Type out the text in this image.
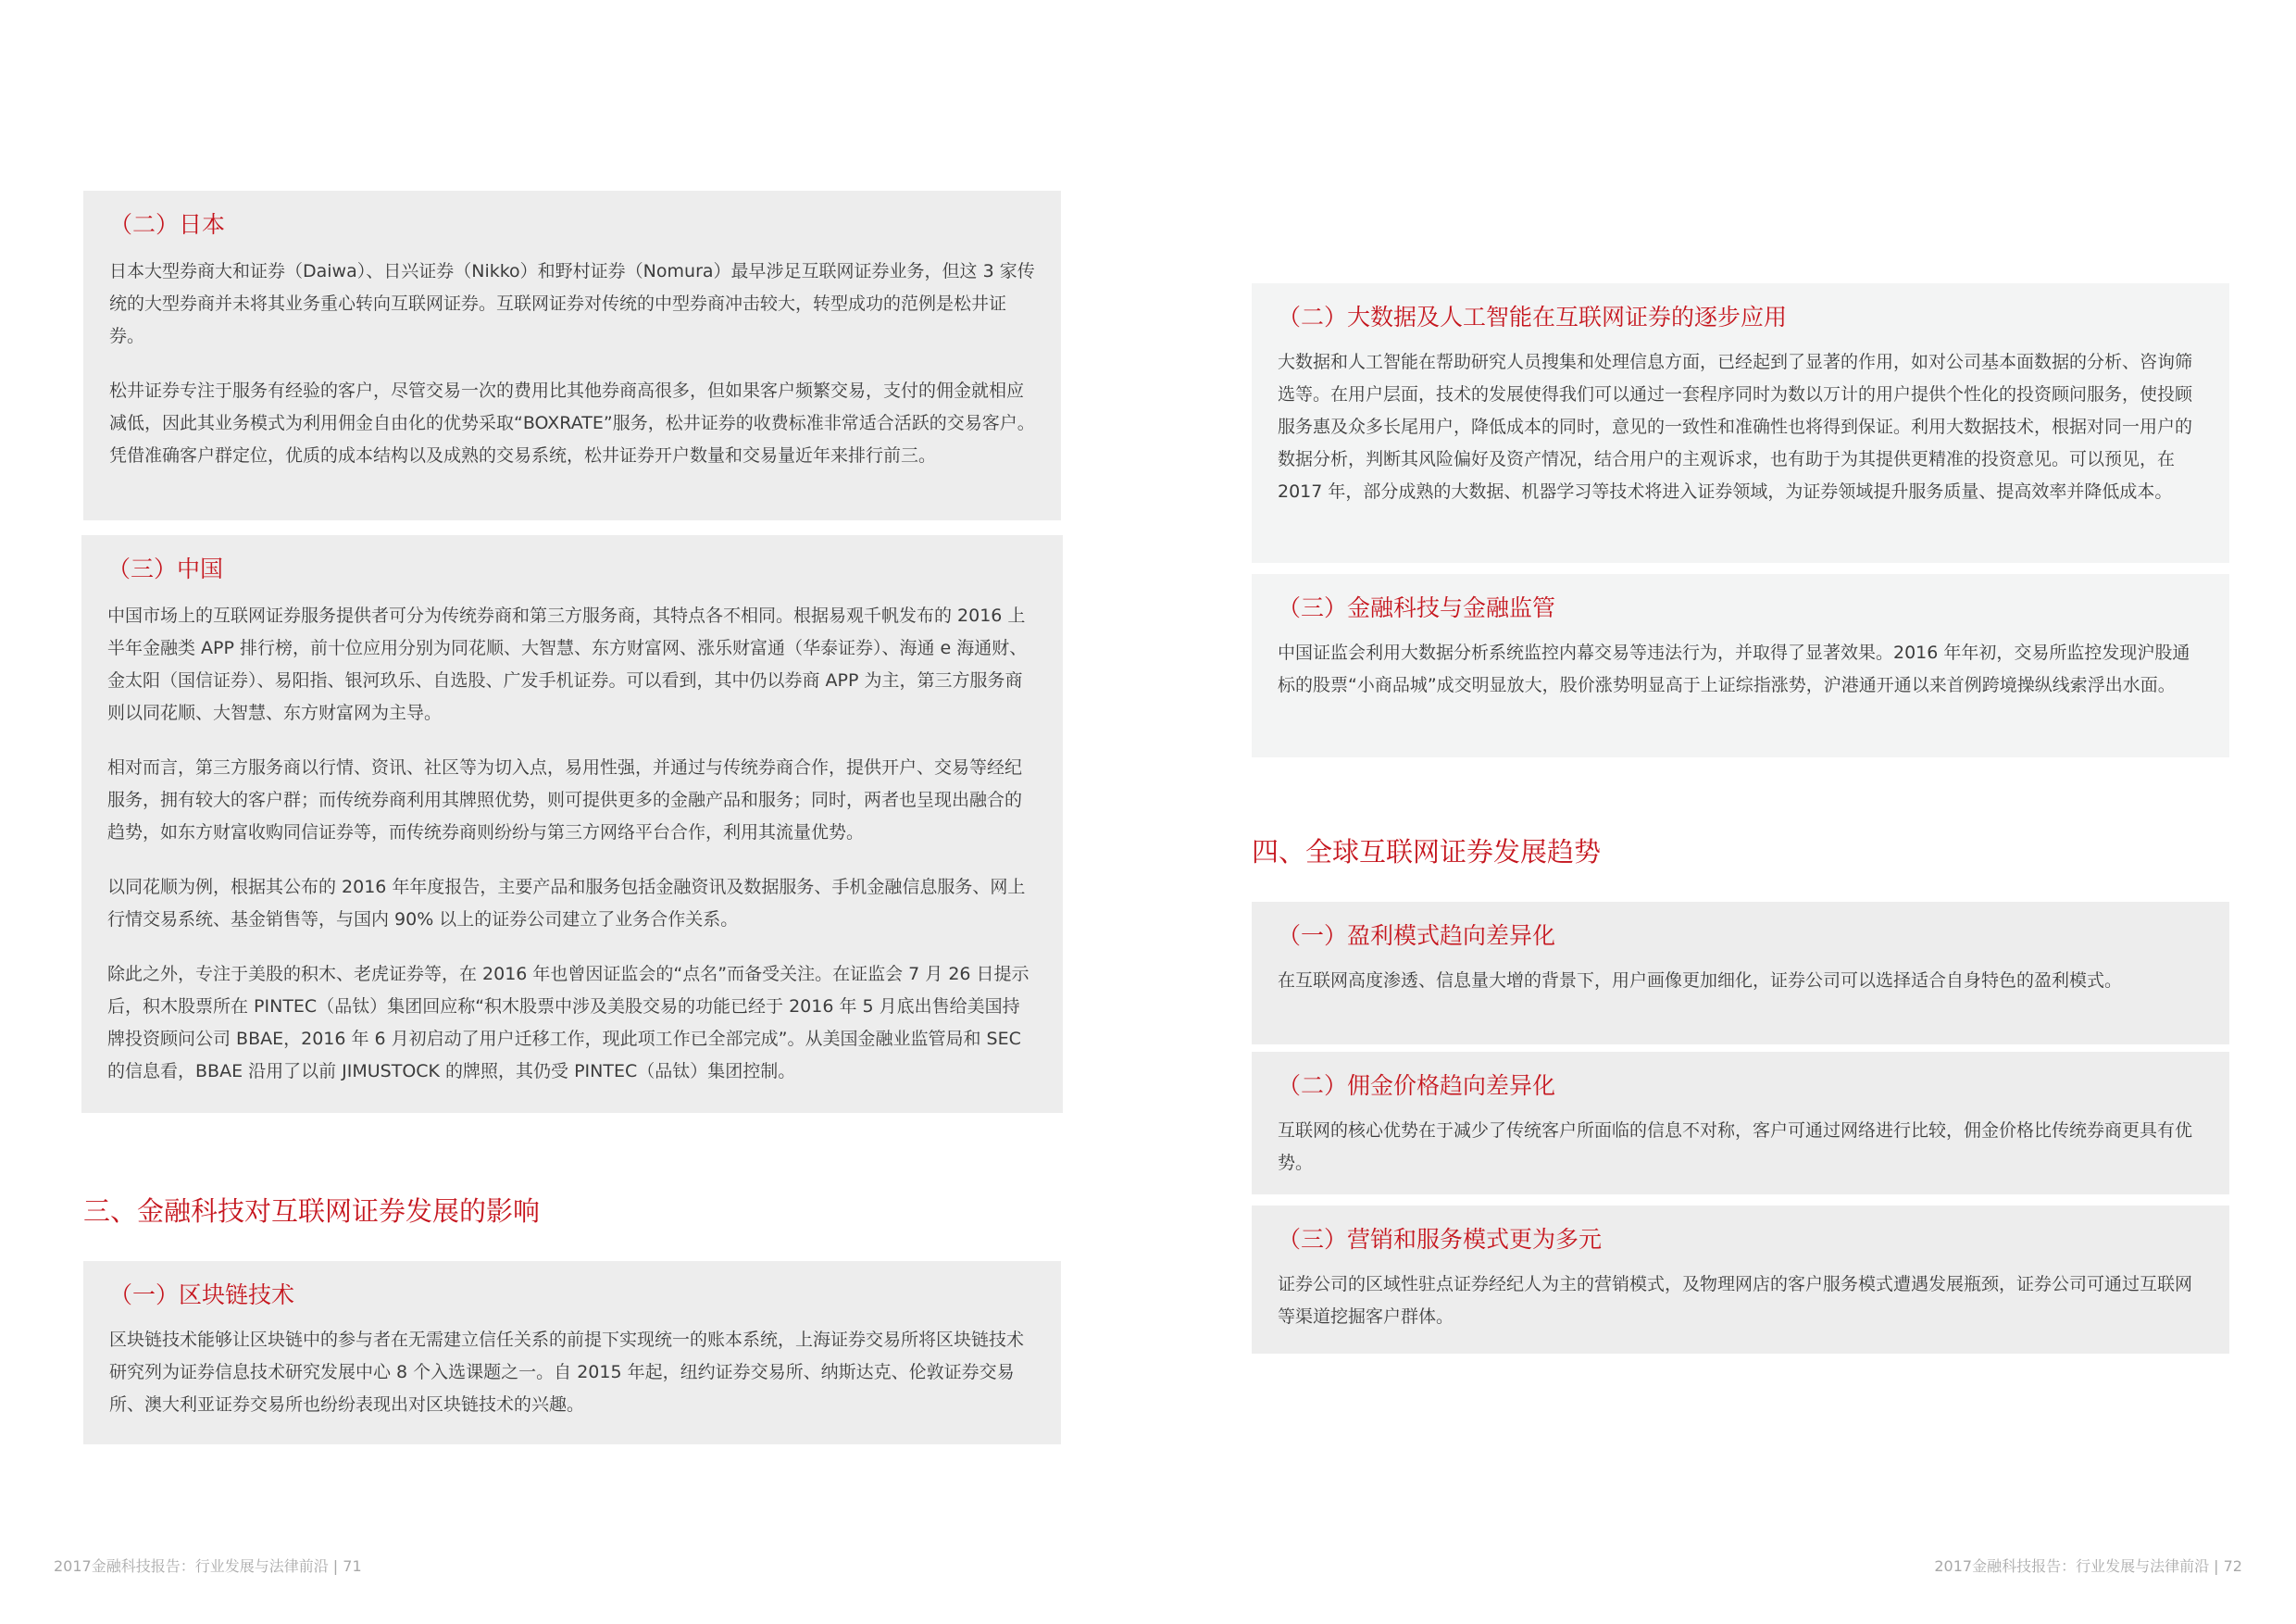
（二）日本

日本大型券商大和证券（Daiwa）、日兴证券（Nikko）和野村证券（Nomura）最早涉足互联网证券业务，但这 3 家传统的大型券商并未将其业务重心转向互联网证券。互联网证券对传统的中型券商冲击较大，转型成功的范例是松井证券。

松井证券专注于服务有经验的客户，尽管交易一次的费用比其他券商高很多，但如果客户频繁交易，支付的佣金就相应减低，因此其业务模式为利用佣金自由化的优势采取“BOXRATE”服务，松井证券的收费标准非常适合活跃的交易客户。凭借准确客户群定位，优质的成本结构以及成熟的交易系统，松井证券开户数量和交易量近年来排行前三。

（三）中国

中国市场上的互联网证券服务提供者可分为传统券商和第三方服务商，其特点各不相同。根据易观千帆发布的 2016 上半年金融类 APP 排行榜，前十位应用分别为同花顺、大智慧、东方财富网、涨乐财富通（华泰证券）、海通 e 海通财、金太阳（国信证券）、易阳指、银河玖乐、自选股、广发手机证券。可以看到，其中仍以券商 APP 为主，第三方服务商则以同花顺、大智慧、东方财富网为主导。

相对而言，第三方服务商以行情、资讯、社区等为切入点，易用性强，并通过与传统券商合作，提供开户、交易等经纪服务，拥有较大的客户群；而传统券商利用其牌照优势，则可提供更多的金融产品和服务；同时，两者也呈现出融合的趋势，如东方财富收购同信证券等，而传统券商则纷纷与第三方网络平台合作，利用其流量优势。

以同花顺为例，根据其公布的 2016 年年度报告，主要产品和服务包括金融资讯及数据服务、手机金融信息服务、网上行情交易系统、基金销售等，与国内 90% 以上的证券公司建立了业务合作关系。

除此之外，专注于美股的积木、老虎证券等，在 2016 年也曾因证监会的“点名”而备受关注。在证监会 7 月 26 日提示后，积木股票所在 PINTEC（品钛）集团回应称“积木股票中涉及美股交易的功能已经于 2016 年 5 月底出售给美国持牌投资顾问公司 BBAE，2016 年 6 月初启动了用户迁移工作，现此项工作已全部完成”。从美国金融业监管局和 SEC 的信息看，BBAE 沿用了以前 JIMUSTOCK 的牌照，其仍受 PINTEC（品钛）集团控制。

三、金融科技对互联网证券发展的影响
（一）区块链技术

区块链技术能够让区块链中的参与者在无需建立信任关系的前提下实现统一的账本系统，上海证券交易所将区块链技术研究列为证券信息技术研究发展中心 8 个入选课题之一。自 2015 年起，纽约证券交易所、纳斯达克、伦敦证券交易所、澳大利亚证券交易所也纷纷表现出对区块链技术的兴趣。

2017金融科技报告：行业发展与法律前沿 | 71
（二）大数据及人工智能在互联网证券的逐步应用

大数据和人工智能在帮助研究人员搜集和处理信息方面，已经起到了显著的作用，如对公司基本面数据的分析、咨询筛选等。在用户层面，技术的发展使得我们可以通过一套程序同时为数以万计的用户提供个性化的投资顾问服务，使投顾服务惠及众多长尾用户，降低成本的同时，意见的一致性和准确性也将得到保证。利用大数据技术，根据对同一用户的数据分析，判断其风险偏好及资产情况，结合用户的主观诉求，也有助于为其提供更精准的投资意见。可以预见，在 2017 年，部分成熟的大数据、机器学习等技术将进入证券领域，为证券领域提升服务质量、提高效率并降低成本。

（三）金融科技与金融监管

中国证监会利用大数据分析系统监控内幕交易等违法行为，并取得了显著效果。2016 年年初，交易所监控发现沪股通标的股票“小商品城”成交明显放大，股价涨势明显高于上证综指涨势，沪港通开通以来首例跨境操纵线索浮出水面。

四、全球互联网证券发展趋势
（一）盈利模式趋向差异化

在互联网高度渗透、信息量大增的背景下，用户画像更加细化，证券公司可以选择适合自身特色的盈利模式。

（二）佣金价格趋向差异化

互联网的核心优势在于减少了传统客户所面临的信息不对称，客户可通过网络进行比较，佣金价格比传统券商更具有优势。

（三）营销和服务模式更为多元

证券公司的区域性驻点证券经纪人为主的营销模式，及物理网店的客户服务模式遭遇发展瓶颈，证券公司可通过互联网等渠道挖掘客户群体。

2017金融科技报告：行业发展与法律前沿 | 72
